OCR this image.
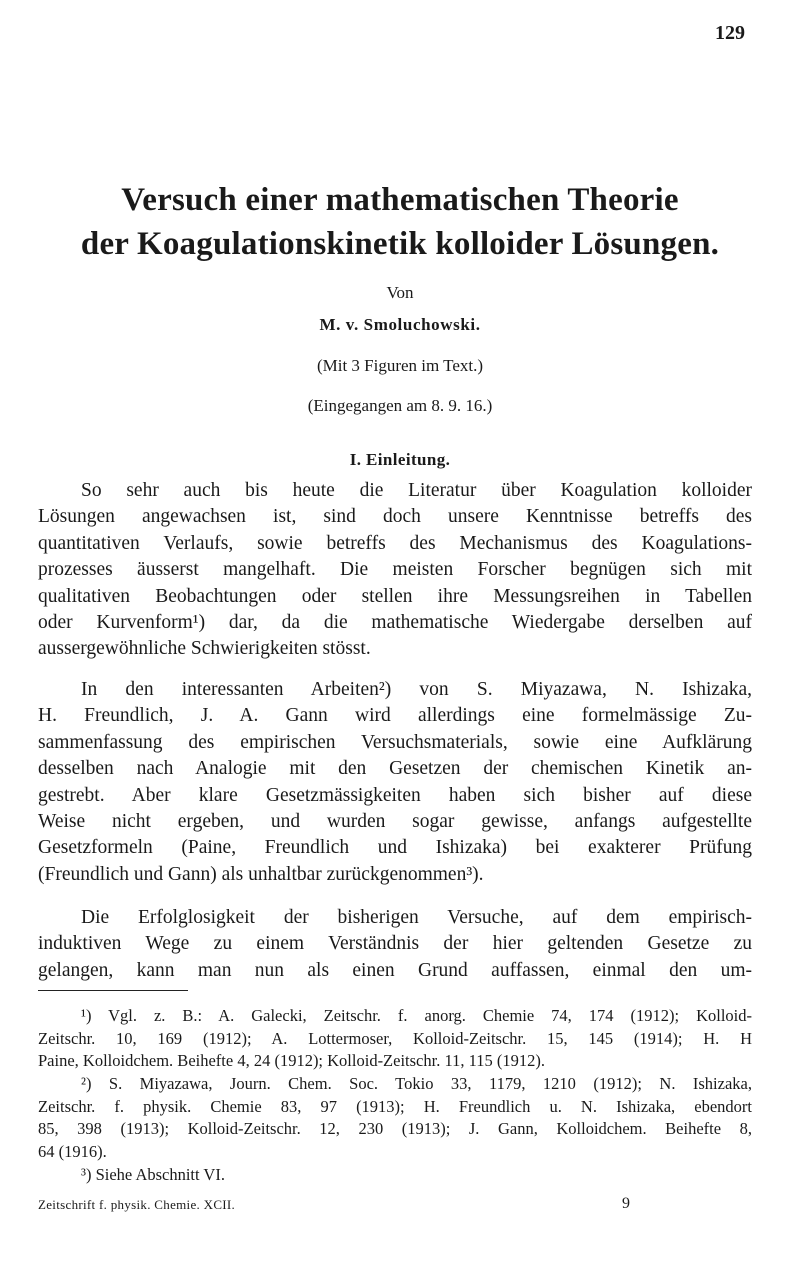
129
Versuch einer mathematischen Theorie
der Koagulationskinetik kolloider Lösungen.
Von
M. v. Smoluchowski.
(Mit 3 Figuren im Text.)
(Eingegangen am 8. 9. 16.)
I. Einleitung.
So sehr auch bis heute die Literatur über Koagulation kolloider
Lösungen angewachsen ist, sind doch unsere Kenntnisse betreffs des
quantitativen Verlaufs, sowie betreffs des Mechanismus des Koagulations-
prozesses äusserst mangelhaft. Die meisten Forscher begnügen sich mit
qualitativen Beobachtungen oder stellen ihre Messungsreihen in Tabellen
oder Kurvenform¹) dar, da die mathematische Wiedergabe derselben auf
aussergewöhnliche Schwierigkeiten stösst.
In den interessanten Arbeiten²) von S. Miyazawa, N. Ishizaka,
H. Freundlich, J. A. Gann wird allerdings eine formelmässige Zu-
sammenfassung des empirischen Versuchsmaterials, sowie eine Aufklärung
desselben nach Analogie mit den Gesetzen der chemischen Kinetik an-
gestrebt. Aber klare Gesetzmässigkeiten haben sich bisher auf diese
Weise nicht ergeben, und wurden sogar gewisse, anfangs aufgestellte
Gesetzformeln (Paine, Freundlich und Ishizaka) bei exakterer Prüfung
(Freundlich und Gann) als unhaltbar zurückgenommen³).
Die Erfolglosigkeit der bisherigen Versuche, auf dem empirisch-
induktiven Wege zu einem Verständnis der hier geltenden Gesetze zu
gelangen, kann man nun als einen Grund auffassen, einmal den um-
¹) Vgl. z. B.: A. Galecki, Zeitschr. f. anorg. Chemie 74, 174 (1912); Kolloid-
Zeitschr. 10, 169 (1912); A. Lottermoser, Kolloid-Zeitschr. 15, 145 (1914); H. H
Paine, Kolloidchem. Beihefte 4, 24 (1912); Kolloid-Zeitschr. 11, 115 (1912).
²) S. Miyazawa, Journ. Chem. Soc. Tokio 33, 1179, 1210 (1912); N. Ishizaka,
Zeitschr. f. physik. Chemie 83, 97 (1913); H. Freundlich u. N. Ishizaka, ebendort
85, 398 (1913); Kolloid-Zeitschr. 12, 230 (1913); J. Gann, Kolloidchem. Beihefte 8,
64 (1916).
³) Siehe Abschnitt VI.
Zeitschrift f. physik. Chemie. XCII.	9
